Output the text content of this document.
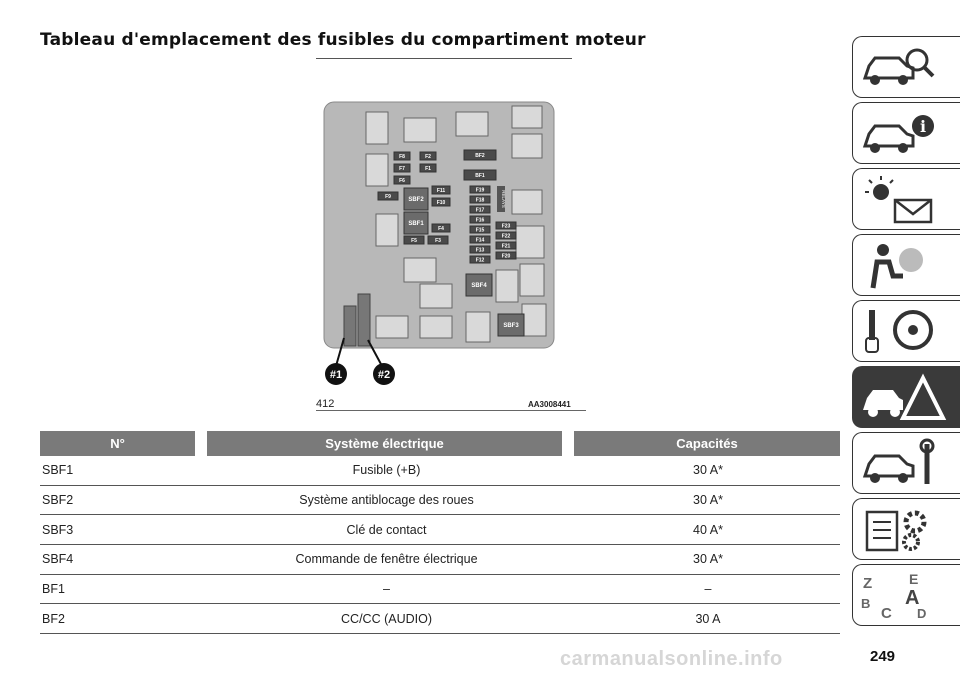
Tableau d'emplacement des fusibles du compartiment moteur
F8	F2
F7	F1
F6
F9
F11
F10
SBF2
SBF1
F4
F5	F3
BF2
BF1
F19
F18
F17
F16
F15
F14
F13
F12
F23
F22
F21
F20
SBF4
SBF3
RELAYS
#1	#2
412	AA3008441
N°	Système électrique	Capacités
SBF1	Fusible (+B)	30 A*
SBF2	Système antiblocage des roues	30 A*
SBF3	Clé de contact	40 A*
SBF4	Commande de fenêtre électrique	30 A*
BF1	–	–
BF2	CC/CC (AUDIO)	30 A
i
Z	E
A
B
C D
carmanualsonline.info	249
